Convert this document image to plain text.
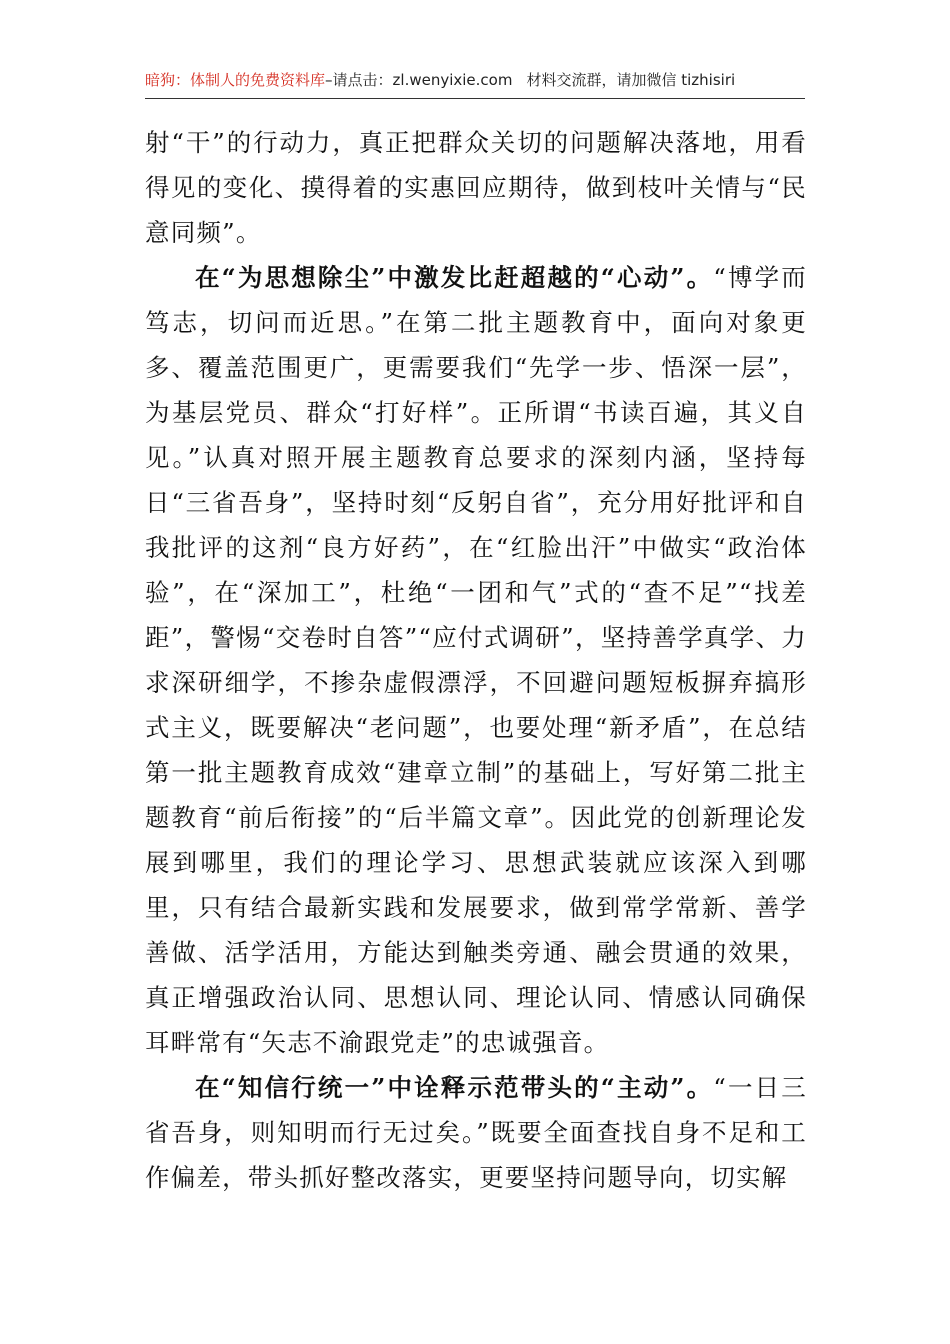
暗狗：体制人的免费资料库–请点击：zl.wenyixie.com 材料交流群，请加微信 tizhisiri

射“干”的行动力，真正把群众关切的问题解决落地，用看得见的变化、摸得着的实惠回应期待，做到枝叶关情与“民意同频”。

在“为思想除尘”中激发比赶超越的“心动”。“博学而笃志，切问而近思。”在第二批主题教育中，面向对象更多、覆盖范围更广，更需要我们“先学一步、悟深一层”，为基层党员、群众“打好样”。正所谓“书读百遍，其义自见。”认真对照开展主题教育总要求的深刻内涵，坚持每日“三省吾身”，坚持时刻“反躬自省”，充分用好批评和自我批评的这剂“良方好药”，在“红脸出汗”中做实“政治体验”，在“深加工”，杜绝“一团和气”式的“查不足”“找差距”，警惕“交卷时自答”“应付式调研”，坚持善学真学、力求深研细学，不掺杂虚假漂浮，不回避问题短板摒弃搞形式主义，既要解决“老问题”，也要处理“新矛盾”，在总结第一批主题教育成效“建章立制”的基础上，写好第二批主题教育“前后衔接”的“后半篇文章”。因此党的创新理论发展到哪里，我们的理论学习、思想武装就应该深入到哪里，只有结合最新实践和发展要求，做到常学常新、善学善做、活学活用，方能达到触类旁通、融会贯通的效果，真正增强政治认同、思想认同、理论认同、情感认同确保耳畔常有“矢志不渝跟党走”的忠诚强音。

在“知信行统一”中诠释示范带头的“主动”。“一日三省吾身，则知明而行无过矣。”既要全面查找自身不足和工作偏差，带头抓好整改落实，更要坚持问题导向，切实解
